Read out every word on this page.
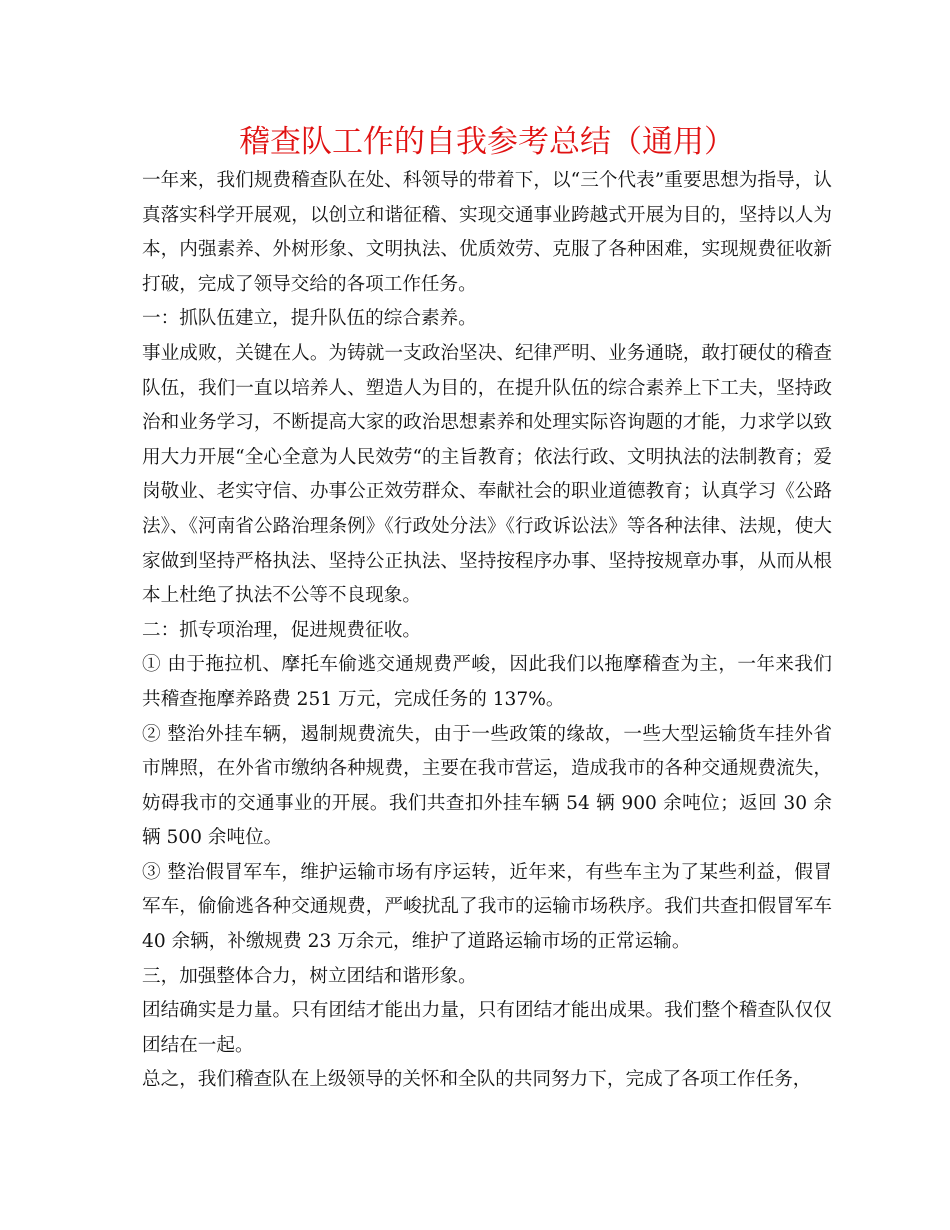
稽查队工作的自我参考总结（通用）

一年来，我们规费稽查队在处、科领导的带着下，以“三个代表”重要思想为指导，认真落实科学开展观，以创立和谐征稽、实现交通事业跨越式开展为目的，坚持以人为本，内强素养、外树形象、文明执法、优质效劳、克服了各种困难，实现规费征收新打破，完成了领导交给的各项工作任务。

一：抓队伍建立，提升队伍的综合素养。

事业成败，关键在人。为铸就一支政治坚决、纪律严明、业务通晓，敢打硬仗的稽查队伍，我们一直以培养人、塑造人为目的，在提升队伍的综合素养上下工夫，坚持政治和业务学习，不断提高大家的政治思想素养和处理实际咨询题的才能，力求学以致用大力开展“全心全意为人民效劳“的主旨教育；依法行政、文明执法的法制教育；爱岗敬业、老实守信、办事公正效劳群众、奉献社会的职业道德教育；认真学习《公路法》、《河南省公路治理条例》《行政处分法》《行政诉讼法》等各种法律、法规，使大家做到坚持严格执法、坚持公正执法、坚持按程序办事、坚持按规章办事，从而从根本上杜绝了执法不公等不良现象。

二：抓专项治理，促进规费征收。

① 由于拖拉机、摩托车偷逃交通规费严峻，因此我们以拖摩稽查为主，一年来我们共稽查拖摩养路费 251 万元，完成任务的 137%。

② 整治外挂车辆，遏制规费流失，由于一些政策的缘故，一些大型运输货车挂外省市牌照，在外省市缴纳各种规费，主要在我市营运，造成我市的各种交通规费流失，妨碍我市的交通事业的开展。我们共查扣外挂车辆 54 辆 900 余吨位；返回 30 余辆 500 余吨位。

③ 整治假冒军车，维护运输市场有序运转，近年来，有些车主为了某些利益，假冒军车，偷偷逃各种交通规费，严峻扰乱了我市的运输市场秩序。我们共查扣假冒军车 40 余辆，补缴规费 23 万余元，维护了道路运输市场的正常运输。

三，加强整体合力，树立团结和谐形象。

团结确实是力量。只有团结才能出力量，只有团结才能出成果。我们整个稽查队仅仅团结在一起。

总之，我们稽查队在上级领导的关怀和全队的共同努力下，完成了各项工作任务，
